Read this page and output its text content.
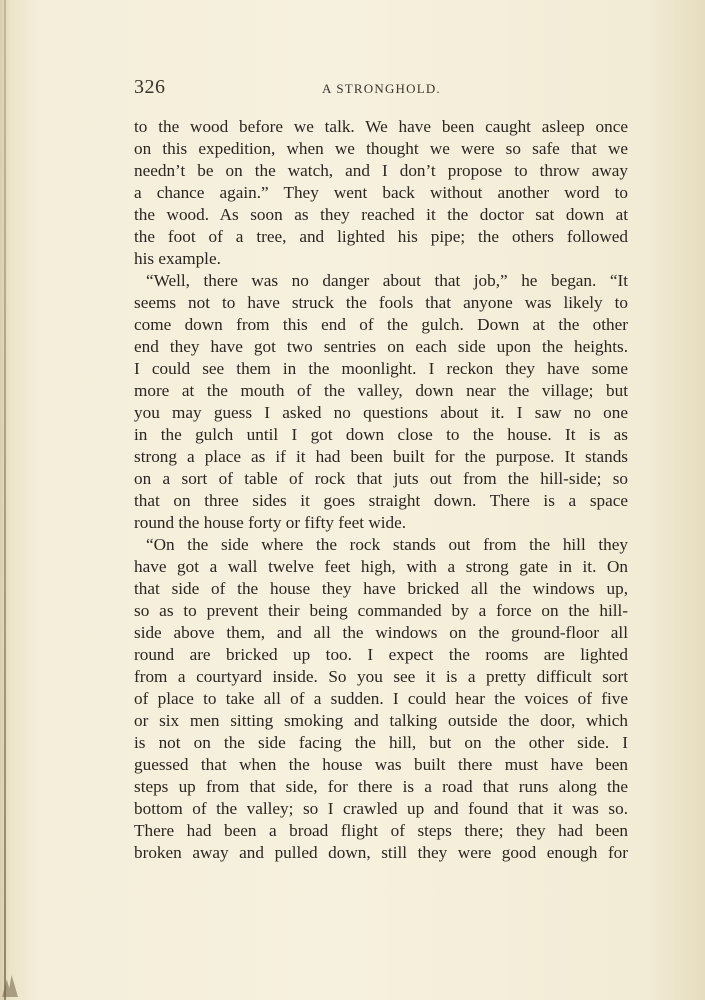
326	A STRONGHOLD.
to the wood before we talk. We have been caught asleep once
on this expedition, when we thought we were so safe that we
needn’t be on the watch, and I don’t propose to throw away
a chance again.” They went back without another word to
the wood. As soon as they reached it the doctor sat down at
the foot of a tree, and lighted his pipe; the others followed
his example.
“Well, there was no danger about that job,” he began. “It
seems not to have struck the fools that anyone was likely to
come down from this end of the gulch. Down at the other
end they have got two sentries on each side upon the heights.
I could see them in the moonlight. I reckon they have some
more at the mouth of the valley, down near the village; but
you may guess I asked no questions about it. I saw no one
in the gulch until I got down close to the house. It is as
strong a place as if it had been built for the purpose. It stands
on a sort of table of rock that juts out from the hill-side; so
that on three sides it goes straight down. There is a space
round the house forty or fifty feet wide.
“On the side where the rock stands out from the hill they
have got a wall twelve feet high, with a strong gate in it. On
that side of the house they have bricked all the windows up,
so as to prevent their being commanded by a force on the hill-
side above them, and all the windows on the ground-floor all
round are bricked up too. I expect the rooms are lighted
from a courtyard inside. So you see it is a pretty difficult sort
of place to take all of a sudden. I could hear the voices of five
or six men sitting smoking and talking outside the door, which
is not on the side facing the hill, but on the other side. I
guessed that when the house was built there must have been
steps up from that side, for there is a road that runs along the
bottom of the valley; so I crawled up and found that it was so.
There had been a broad flight of steps there; they had been
broken away and pulled down, still they were good enough for
